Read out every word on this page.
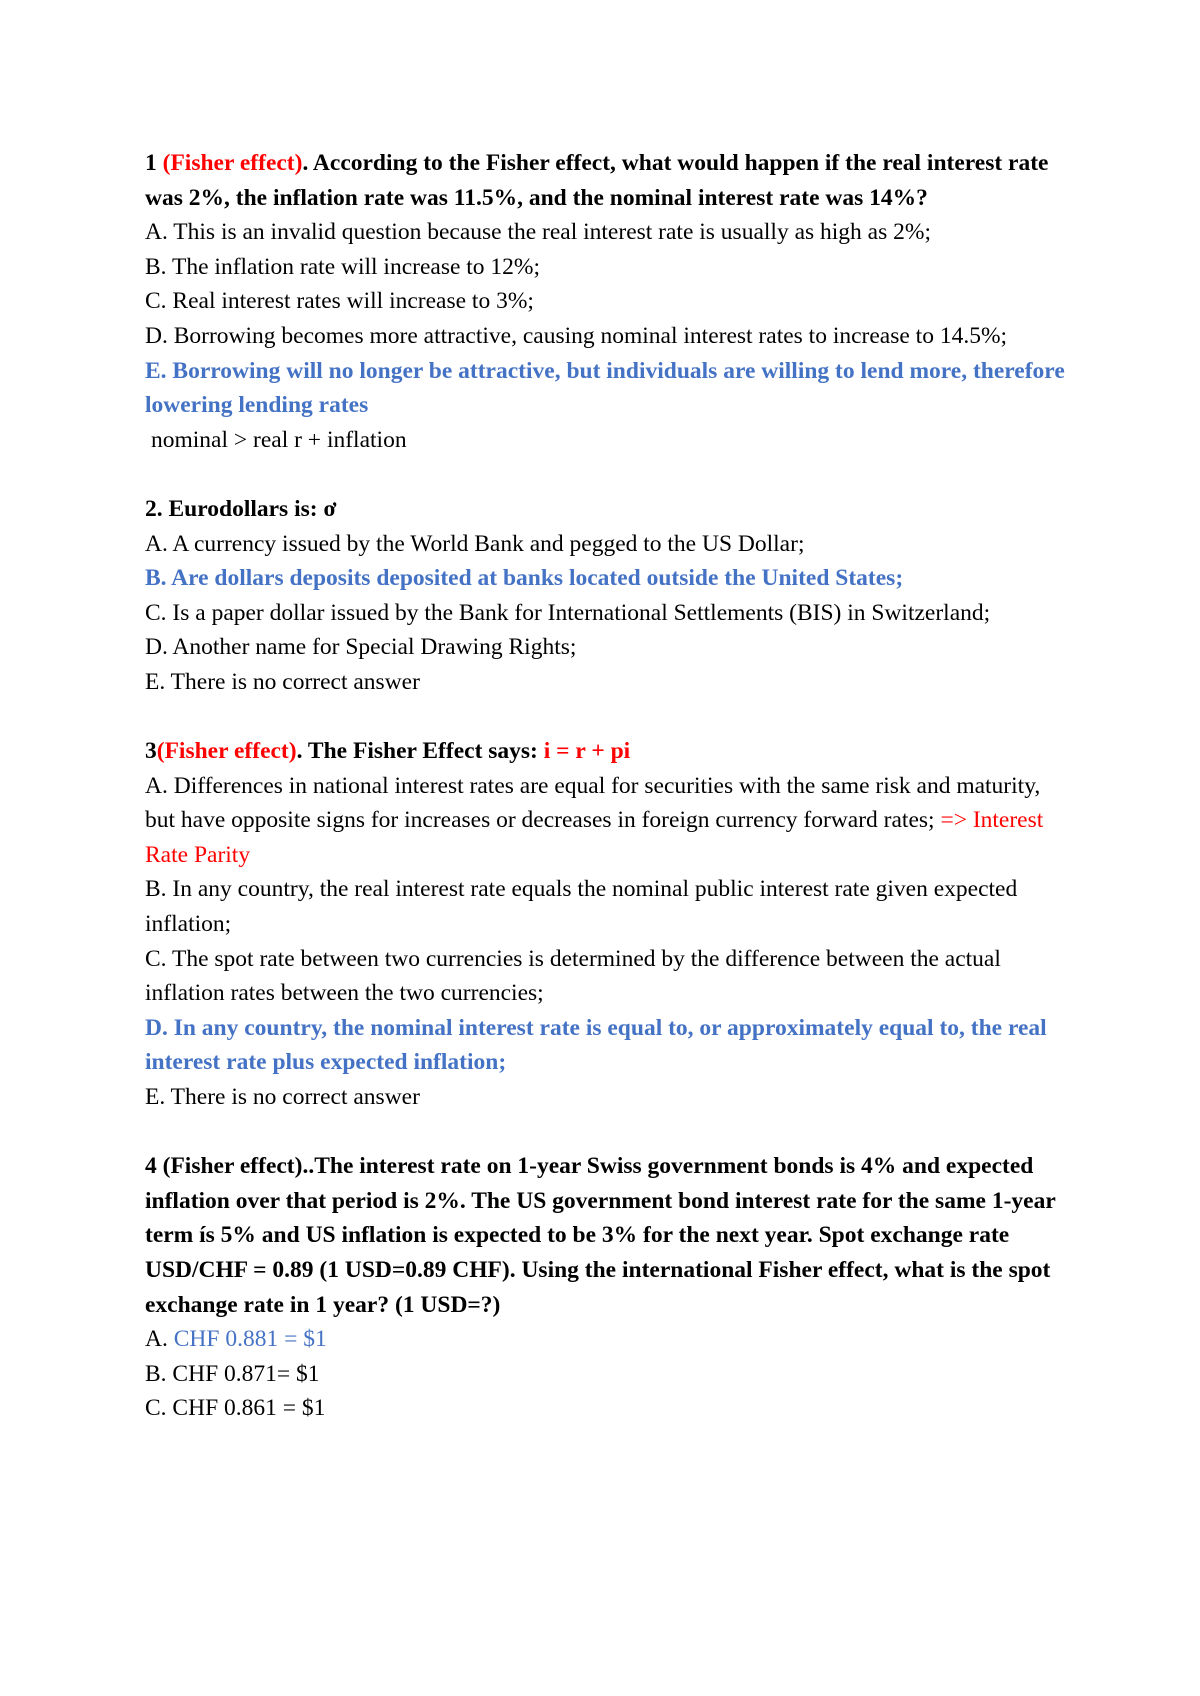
1 (Fisher effect). According to the Fisher effect, what would happen if the real interest rate was 2%, the inflation rate was 11.5%, and the nominal interest rate was 14%?
A. This is an invalid question because the real interest rate is usually as high as 2%;
B. The inflation rate will increase to 12%;
C. Real interest rates will increase to 3%;
D. Borrowing becomes more attractive, causing nominal interest rates to increase to 14.5%;
E. Borrowing will no longer be attractive, but individuals are willing to lend more, therefore lowering lending rates
nominal > real r + inflation
2. Eurodollars is: ơ
A. A currency issued by the World Bank and pegged to the US Dollar;
B. Are dollars deposits deposited at banks located outside the United States;
C. Is a paper dollar issued by the Bank for International Settlements (BIS) in Switzerland;
D. Another name for Special Drawing Rights;
E. There is no correct answer
3(Fisher effect). The Fisher Effect says: i = r + pi
A. Differences in national interest rates are equal for securities with the same risk and maturity, but have opposite signs for increases or decreases in foreign currency forward rates; => Interest Rate Parity
B. In any country, the real interest rate equals the nominal public interest rate given expected inflation;
C. The spot rate between two currencies is determined by the difference between the actual inflation rates between the two currencies;
D. In any country, the nominal interest rate is equal to, or approximately equal to, the real interest rate plus expected inflation;
E. There is no correct answer
4 (Fisher effect)..The interest rate on 1-year Swiss government bonds is 4% and expected inflation over that period is 2%. The US government bond interest rate for the same 1-year term ís 5% and US inflation is expected to be 3% for the next year. Spot exchange rate USD/CHF = 0.89 (1 USD=0.89 CHF). Using the international Fisher effect, what is the spot exchange rate in 1 year? (1 USD=?)
A. CHF 0.881 = $1
B. CHF 0.871= $1
C. CHF 0.861 = $1
